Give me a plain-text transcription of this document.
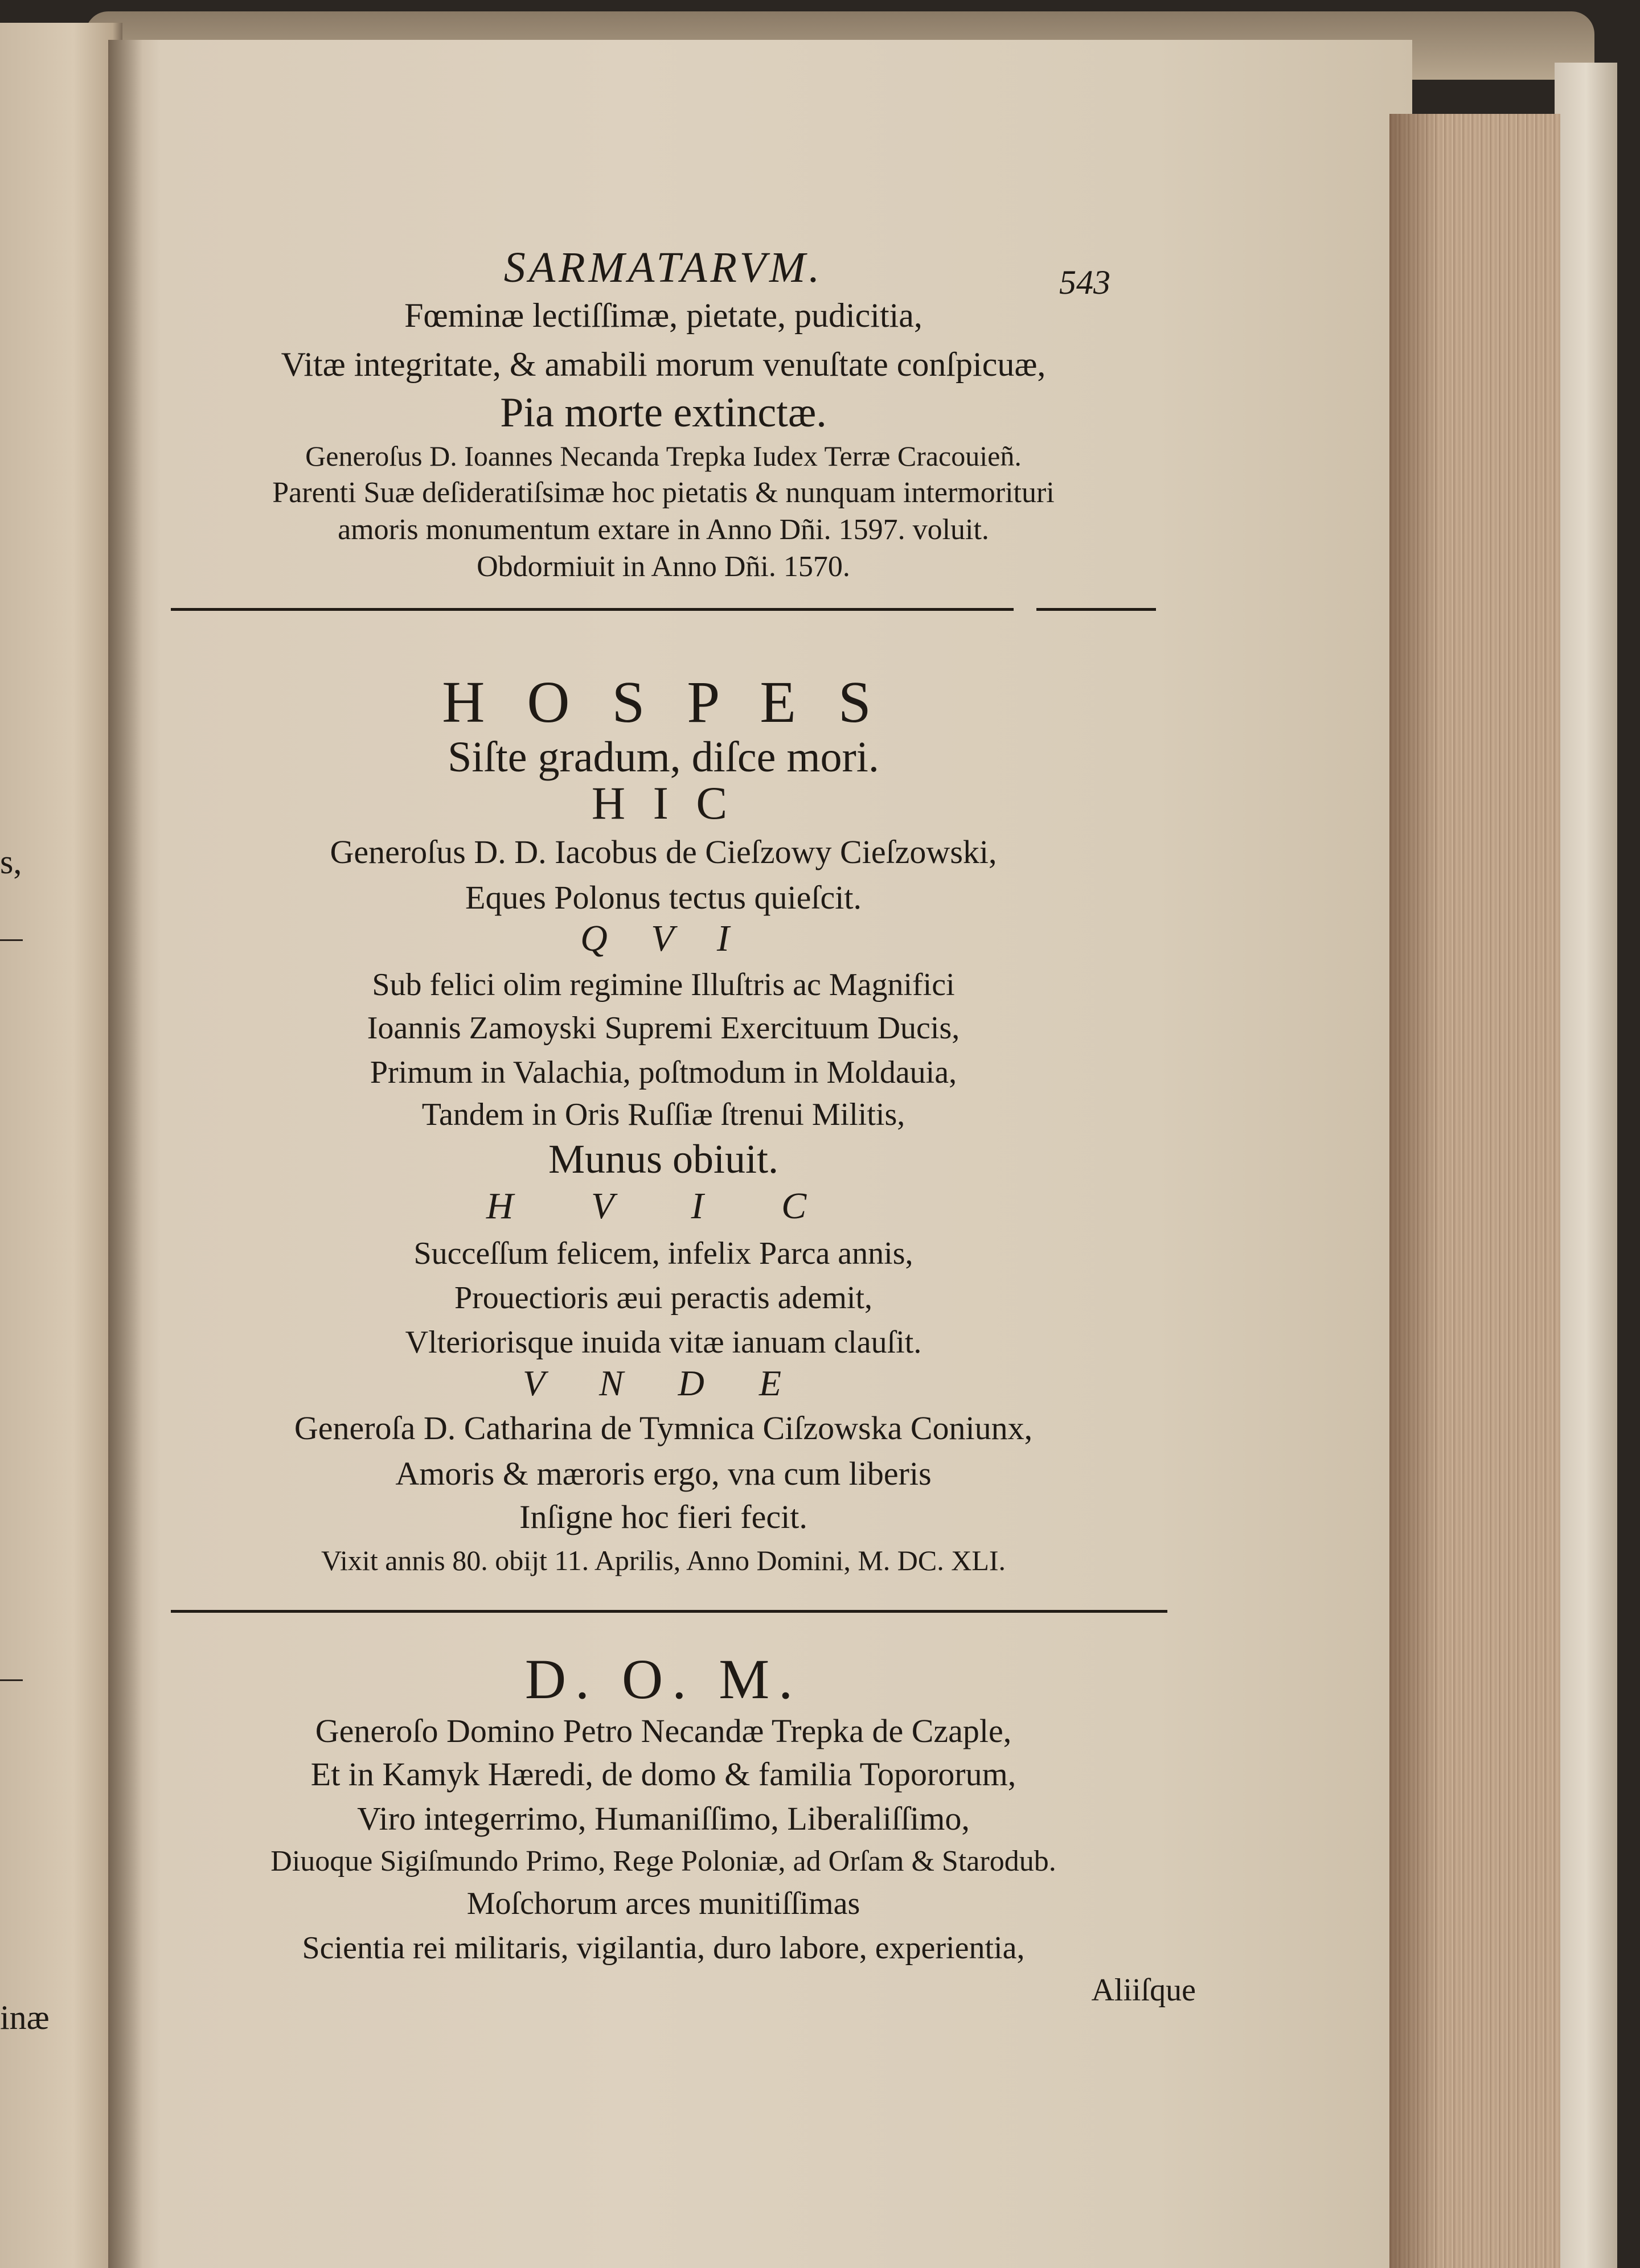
s,
inæ
SARMATARVM.	543
Fœminæ lectiſſimæ, pietate, pudicitia,
Vitæ integritate, & amabili morum venuſtate conſpicuæ,
Pia morte extinctæ.
Generoſus D. Ioannes Necanda Trepka Iudex Terræ Cracouieñ.
Parenti Suæ deſideratiſsimæ hoc pietatis & nunquam intermorituri
amoris monumentum extare in Anno Dñi. 1597. voluit.
Obdormiuit in Anno Dñi. 1570.
H O S P E S
Siſte gradum, diſce mori.
H I C
Generoſus D. D. Iacobus de Cieſzowy Cieſzowski,
Eques Polonus tectus quieſcit.
Q V I
Sub felici olim regimine Illuſtris ac Magnifici
Ioannis Zamoyski Supremi Exercituum Ducis,
Primum in Valachia, poſtmodum in Moldauia,
Tandem in Oris Ruſſiæ ſtrenui Militis,
Munus obiuit.
H V I C
Succeſſum felicem, infelix Parca annis,
Prouectioris æui peractis ademit,
Vlteriorisque inuida vitæ ianuam clauſit.
V N D E
Generoſa D. Catharina de Tymnica Ciſzowska Coniunx,
Amoris & mæroris ergo, vna cum liberis
Inſigne hoc fieri fecit.
Vixit annis 80. obijt 11. Aprilis, Anno Domini, M. DC. XLI.
D. O. M.
Generoſo Domino Petro Necandæ Trepka de Czaple,
Et in Kamyk Hæredi, de domo & familia Topororum,
Viro integerrimo, Humaniſſimo, Liberaliſſimo,
Diuoque Sigiſmundo Primo, Rege Poloniæ, ad Orſam & Starodub.
Moſchorum arces munitiſſimas
Scientia rei militaris, vigilantia, duro labore, experientia,
Aliiſque
